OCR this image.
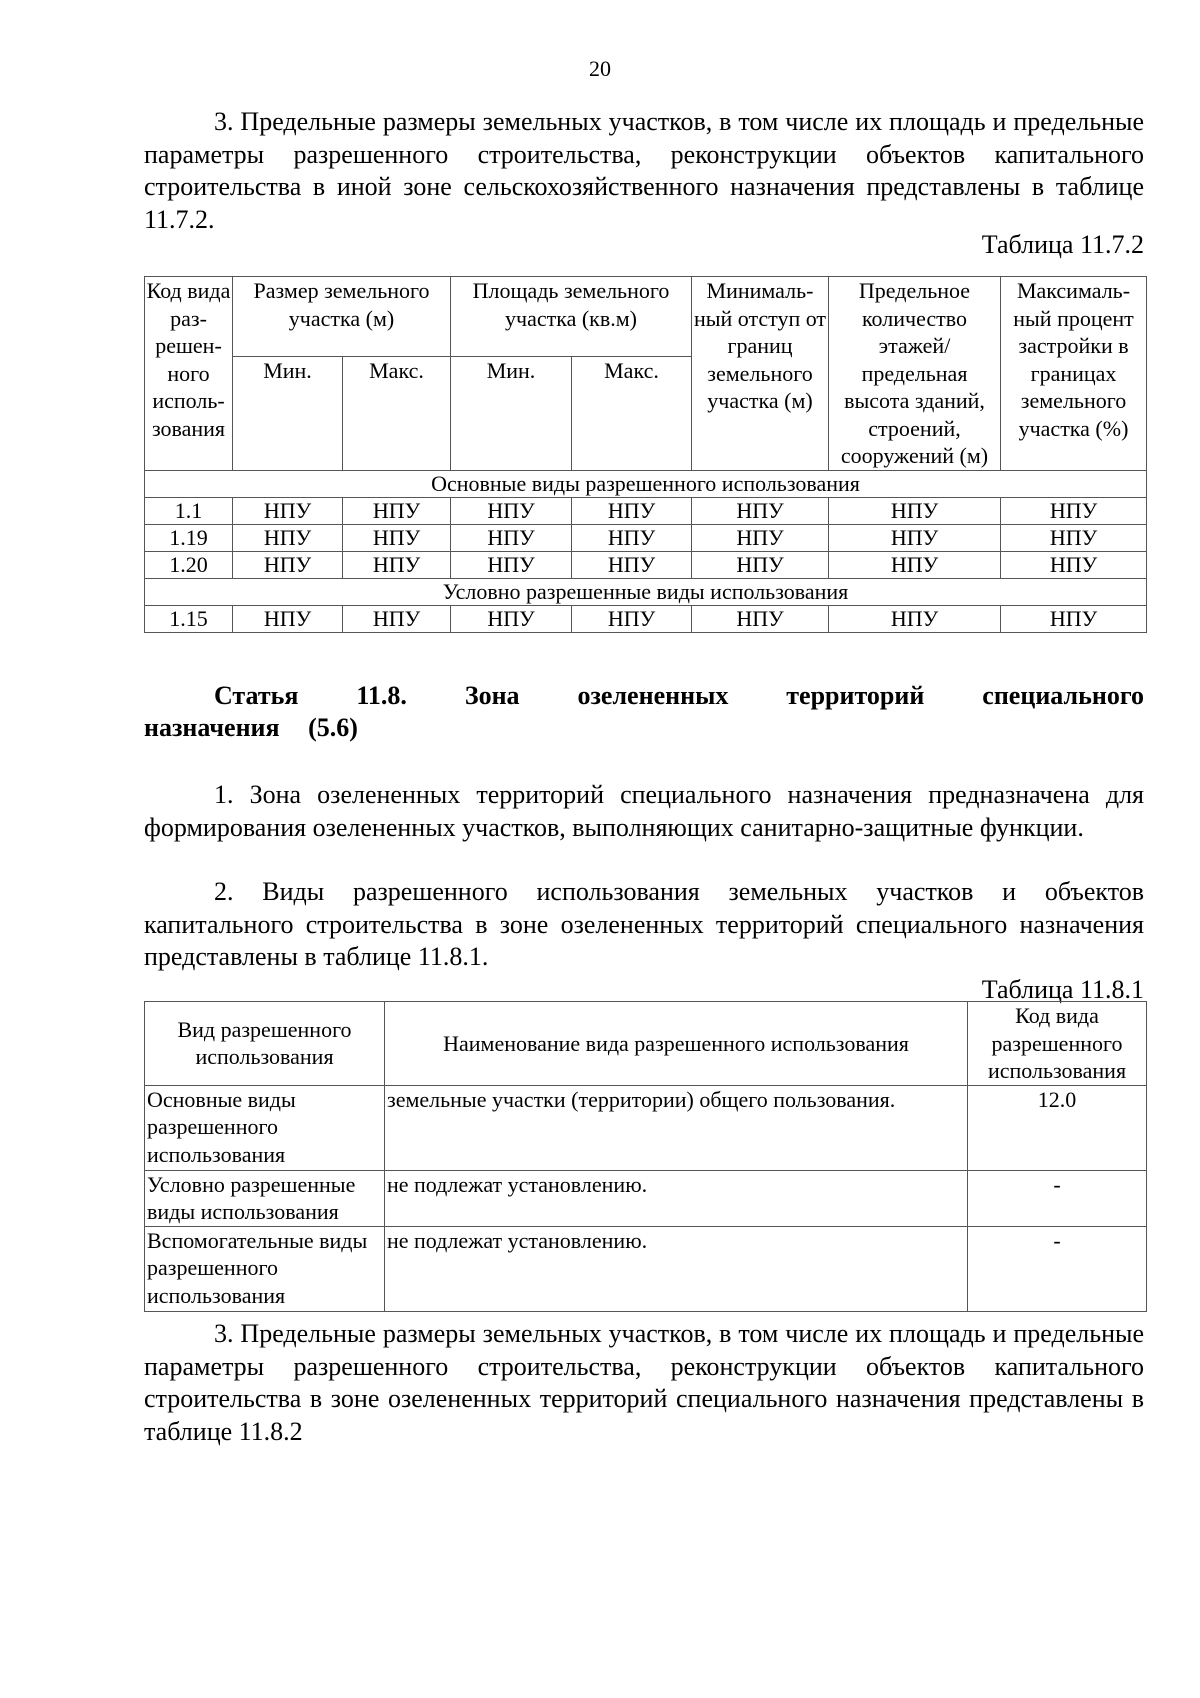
20

3. Предельные размеры земельных участков, в том числе их площадь и предельные параметры разрешенного строительства, реконструкции объектов капитального строительства в иной зоне сельскохозяйственного назначения представлены в таблице 11.7.2.

Таблица 11.7.2
Код вида раз-решен-ного исполь-зования	Размер земельного участка (м)		Площадь земельного участка (кв.м)		Минималь-ный отступ от границ земельного участка (м)	Предельное количество этажей/ предельная высота зданий, строений, сооружений (м)	Максималь-ный процент застройки в границах земельного участка (%)
	Мин.	Макс.	Мин.	Макс.			
Основные виды разрешенного использования							
1.1	НПУ	НПУ	НПУ	НПУ	НПУ	НПУ	НПУ
1.19	НПУ	НПУ	НПУ	НПУ	НПУ	НПУ	НПУ
1.20	НПУ	НПУ	НПУ	НПУ	НПУ	НПУ	НПУ
Условно разрешенные виды использования							
1.15	НПУ	НПУ	НПУ	НПУ	НПУ	НПУ	НПУ
Статья 11.8. Зона озелененных территорий специального назначения (5.6)

1. Зона озелененных территорий специального назначения предназначена для формирования озелененных участков, выполняющих санитарно-защитные функции.

2. Виды разрешенного использования земельных участков и объектов капитального строительства в зоне озелененных территорий специального назначения представлены в таблице 11.8.1.

Таблица 11.8.1
Вид разрешенного использования	Наименование вида разрешенного использования	Код вида разрешенного использования
Основные виды разрешенного использования	земельные участки (территории) общего пользования.	12.0
Условно разрешенные виды использования	не подлежат установлению.	-
Вспомогательные виды разрешенного использования	не подлежат установлению.	-

3. Предельные размеры земельных участков, в том числе их площадь и предельные параметры разрешенного строительства, реконструкции объектов капитального строительства в зоне озелененных территорий специального назначения представлены в таблице 11.8.2
